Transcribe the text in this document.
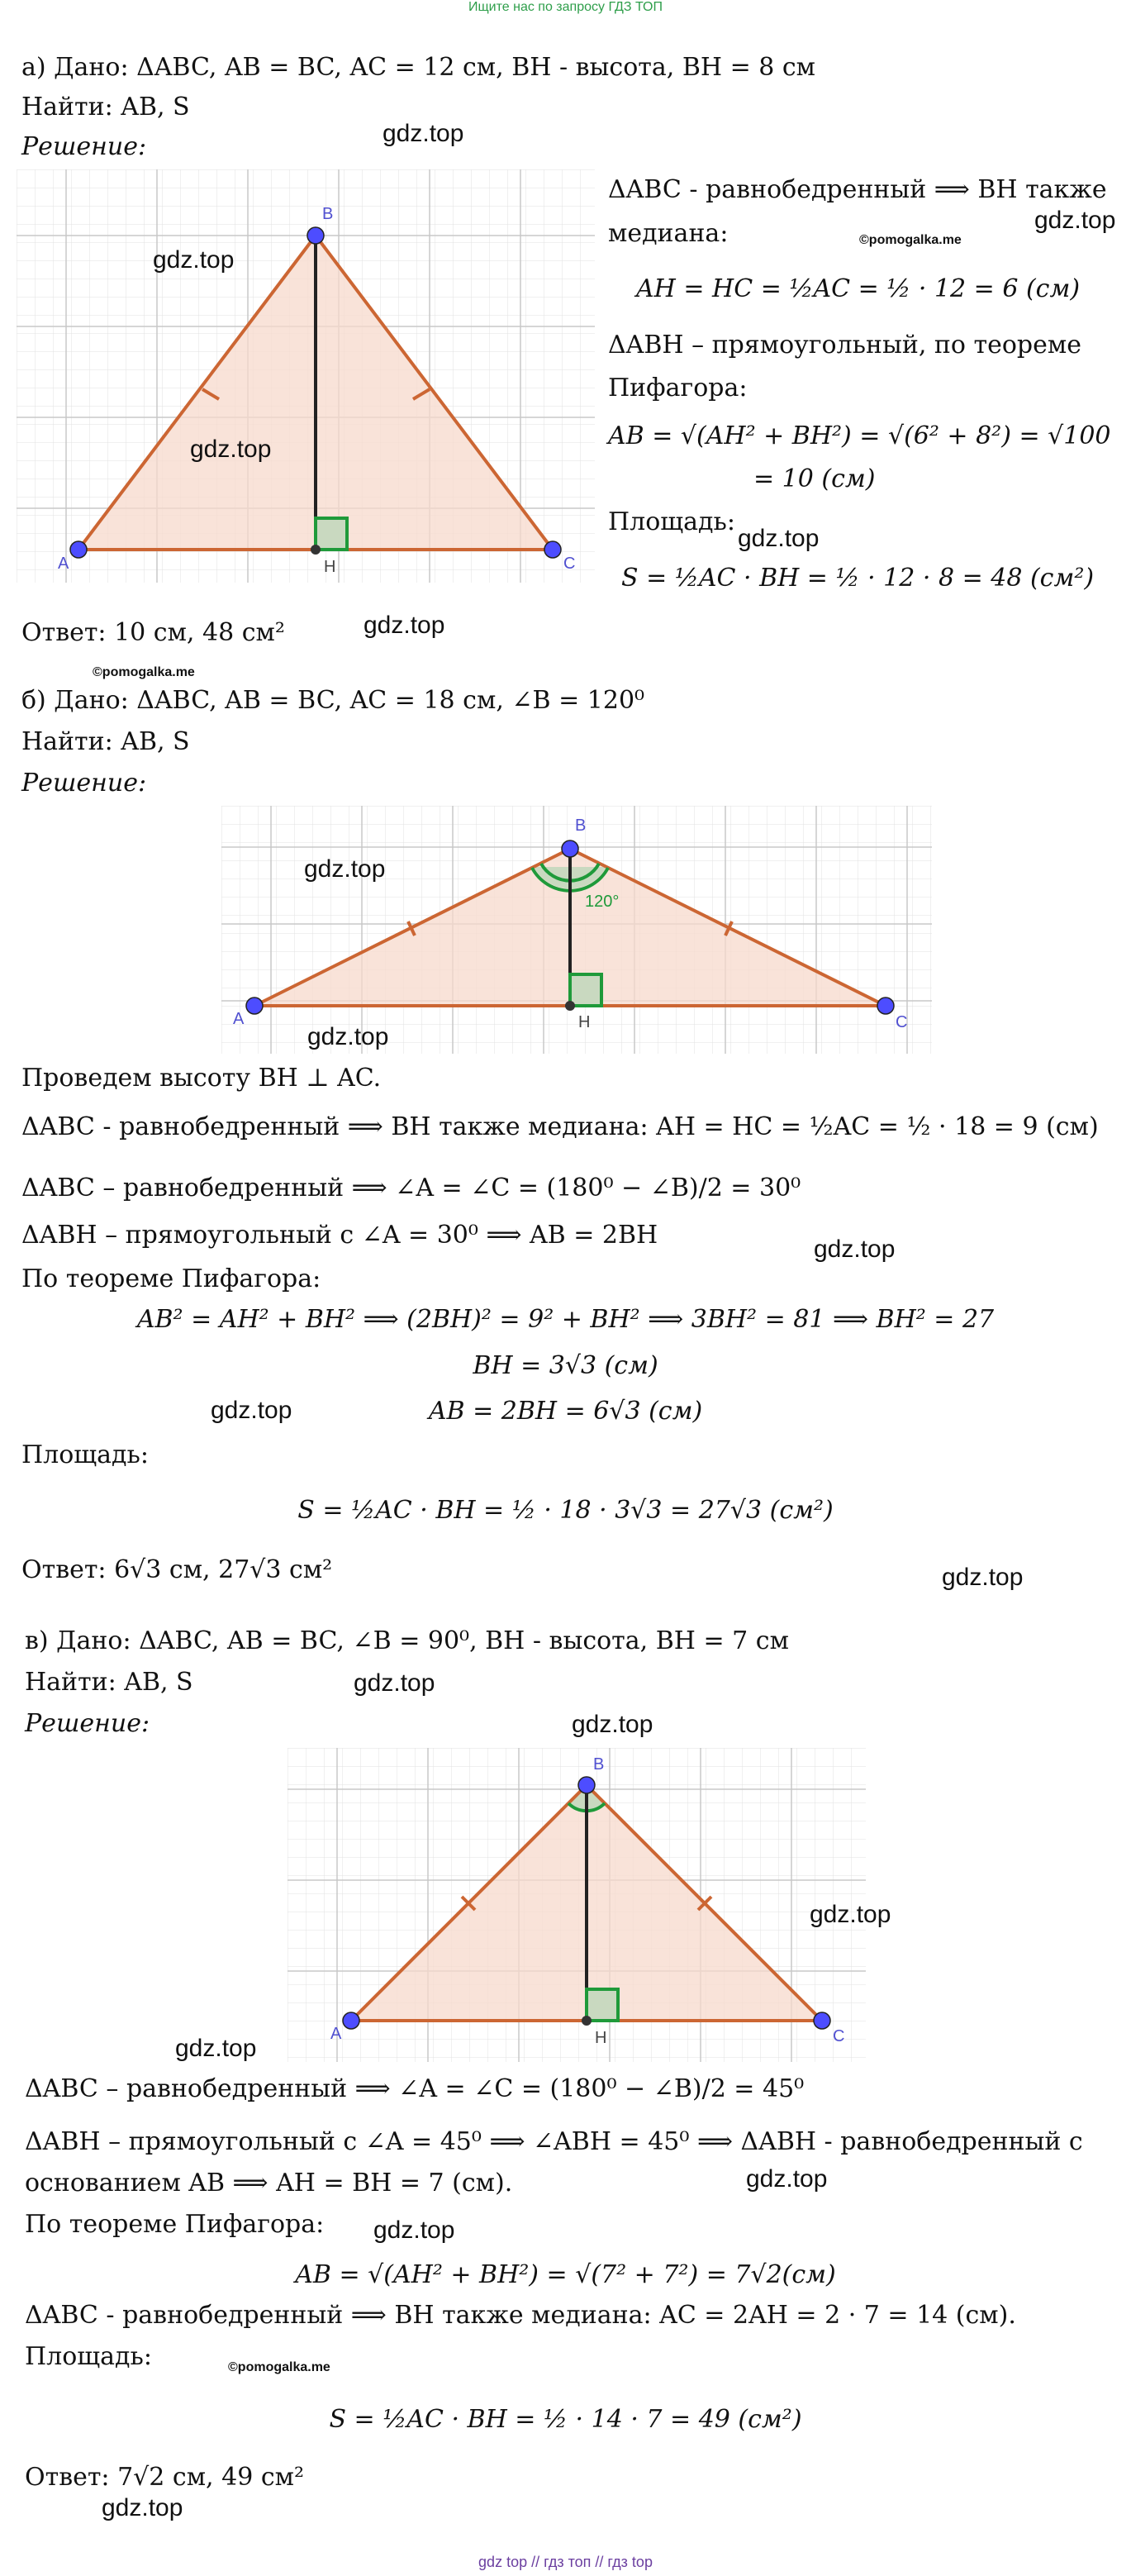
Ищите нас по запросу ГДЗ ТОП
gdz top // гдз топ // гдз top
а) Дано: ΔABC, AB = BC, AC = 12 см, BH - высота, BH = 8 см
Найти: AB, S
Решение:
A
B
C
H
gdz.top
gdz.top
gdz.top
ΔABC - равнобедренный ⟹ BH также
gdz.top
медиана:	©pomogalka.me
AH = HC = ½AC = ½ · 12 = 6 (см)
ΔABH – прямоугольный, по теореме
Пифагора:
AB = √(AH² + BH²) = √(6² + 8²) = √100
= 10 (см)
Площадь:
gdz.top
S = ½AC · BH = ½ · 12 · 8 = 48 (см²)
Ответ: 10 см, 48 см²	gdz.top
©pomogalka.me
б) Дано: ΔABC, AB = BC, AC = 18 см, ∠B = 120⁰
Найти: AB, S
Решение:
A
B
C
H
120°
gdz.top
gdz.top
Проведем высоту BH ⊥ AC.
ΔABC - равнобедренный ⟹ BH также медиана: AH = HC = ½AC = ½ · 18 = 9 (см)
ΔABC – равнобедренный ⟹ ∠A = ∠C = (180⁰ − ∠B)/2 = 30⁰
ΔABH – прямоугольный с ∠A = 30⁰ ⟹ AB = 2BH	gdz.top
По теореме Пифагора:
AB² = AH² + BH² ⟹ (2BH)² = 9² + BH² ⟹ 3BH² = 81 ⟹ BH² = 27
BH = 3√3 (см)
AB = 2BH = 6√3 (см)
gdz.top
Площадь:
S = ½AC · BH = ½ · 18 · 3√3 = 27√3 (см²)
Ответ: 6√3 см, 27√3 см²	gdz.top
в) Дано: ΔABC, AB = BC, ∠B = 90⁰, BH - высота, BH = 7 см
Найти: AB, S	gdz.top
Решение:	gdz.top
A
B
C
H
gdz.top
gdz.top
ΔABC – равнобедренный ⟹ ∠A = ∠C = (180⁰ − ∠B)/2 = 45⁰
ΔABH – прямоугольный с ∠A = 45⁰ ⟹ ∠ABH = 45⁰ ⟹ ΔABH - равнобедренный с
основанием AB ⟹ AH = BH = 7 (см).	gdz.top
По теореме Пифагора: gdz.top
AB = √(AH² + BH²) = √(7² + 7²) = 7√2(см)
ΔABC - равнобедренный ⟹ BH также медиана: AC = 2AH = 2 · 7 = 14 (см).
Площадь:	©pomogalka.me
S = ½AC · BH = ½ · 14 · 7 = 49 (см²)
Ответ: 7√2 см, 49 см²
gdz.top
